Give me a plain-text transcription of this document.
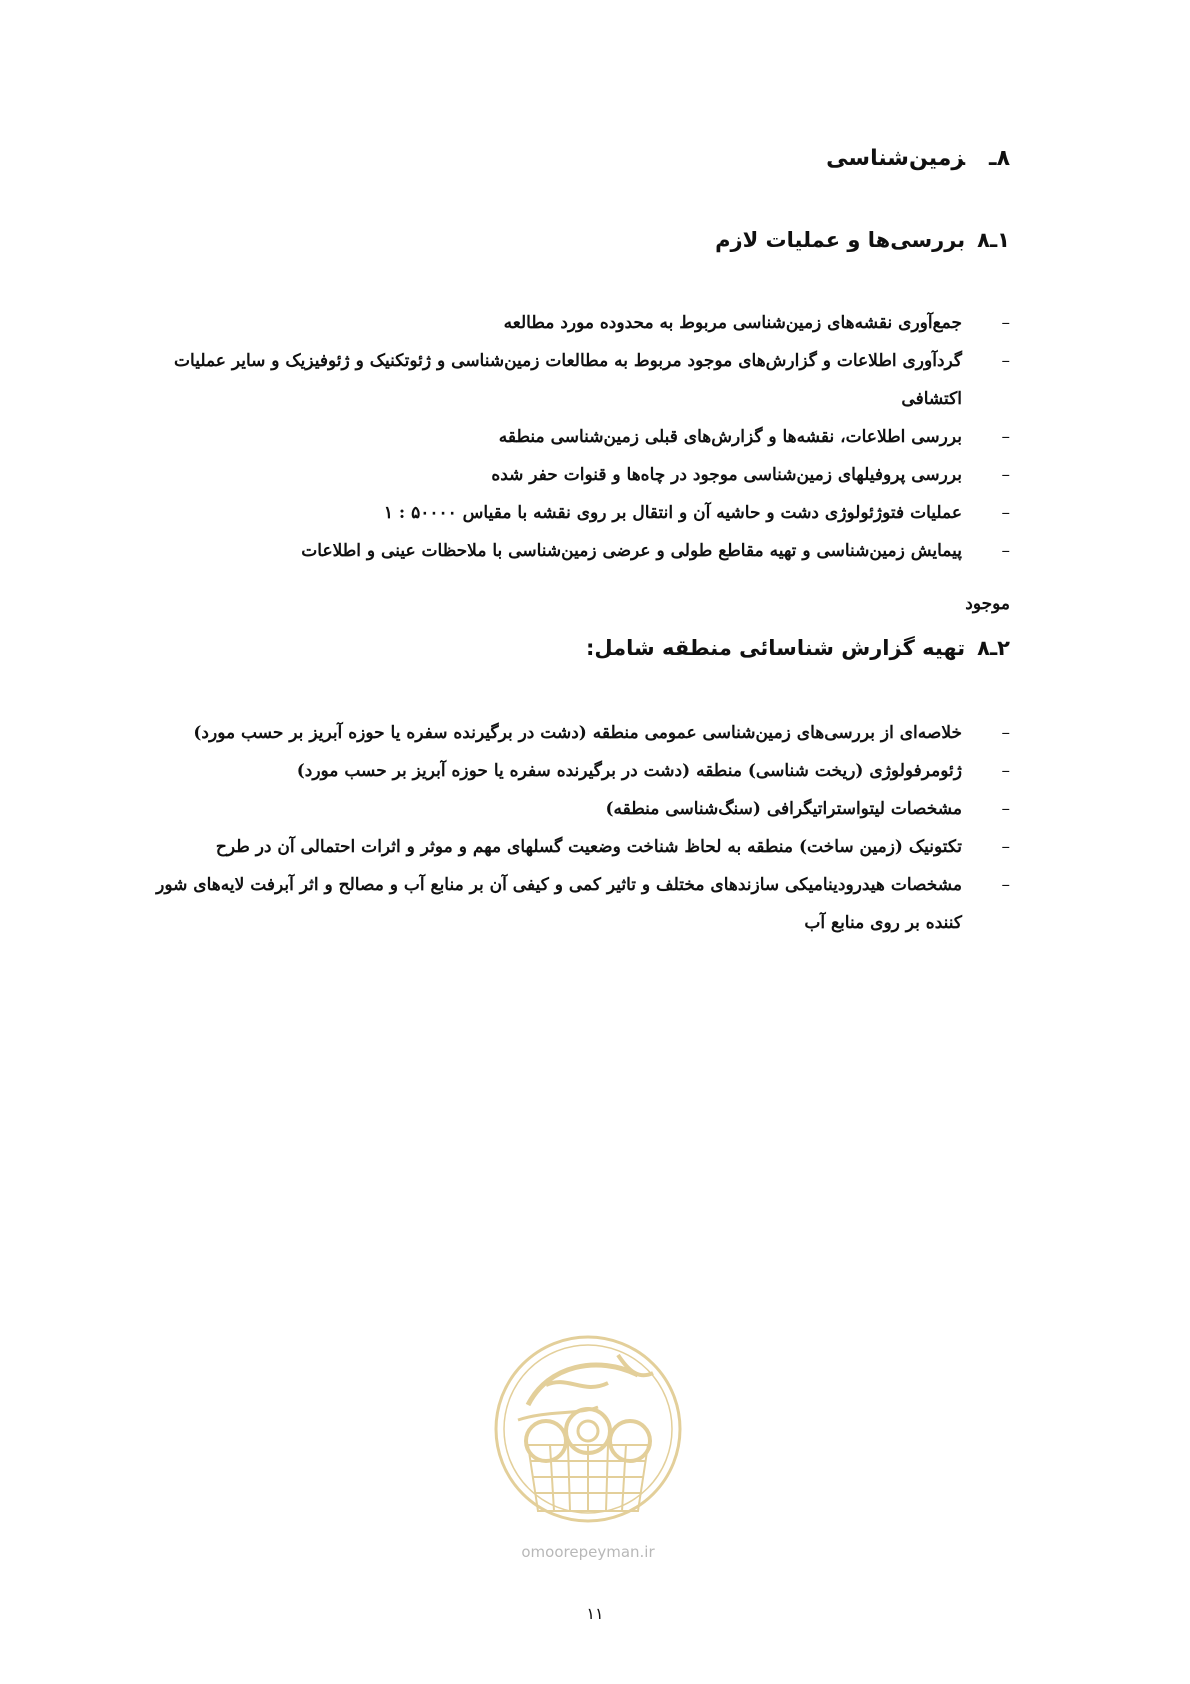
۸ـزمین‌شناسی
۱ـ۸بررسی‌ها و عملیات لازم
–
جمع‌آوری نقشه‌های زمین‌شناسی مربوط به محدوده مورد مطالعه
–
گردآوری اطلاعات و گزارش‌های موجود مربوط به مطالعات زمین‌شناسی و ژئوتکنیک و ژئوفیزیک و سایر عملیات اکتشافی
–
بررسی اطلاعات، نقشه‌ها و گزارش‌های قبلی زمین‌شناسی منطقه
–
بررسی پروفیلهای زمین‌شناسی موجود در چاه‌ها و قنوات حفر شده
–
عملیات فتوژئولوژی دشت و حاشیه آن و انتقال بر روی نقشه با مقیاس ۵۰۰۰۰ : ۱
–
پیمایش زمین‌شناسی و تهیه مقاطع طولی و عرضی زمین‌شناسی با ملاحظات عینی و اطلاعات

موجود

۲ـ۸تهیه گزارش شناسائی منطقه شامل:
–
خلاصه‌ای از بررسی‌های زمین‌شناسی عمومی منطقه (دشت در برگیرنده سفره یا حوزه آبریز بر حسب مورد)
–
ژئومرفولوژی (ریخت شناسی) منطقه (دشت در برگیرنده سفره یا حوزه آبریز بر حسب مورد)
–
مشخصات لیتواستراتیگرافی (سنگ‌شناسی منطقه)
–
تکتونیک (زمین ساخت) منطقه به لحاظ شناخت وضعیت گسلهای مهم و موثر و اثرات احتمالی آن در طرح
–
مشخصات هیدرودینامیکی سازندهای مختلف و تاثیر کمی و کیفی آن بر منابع آب و مصالح و اثر آبرفت لایه‌های شور کننده بر روی منابع آب

omoorepeyman.ir

۱۱
